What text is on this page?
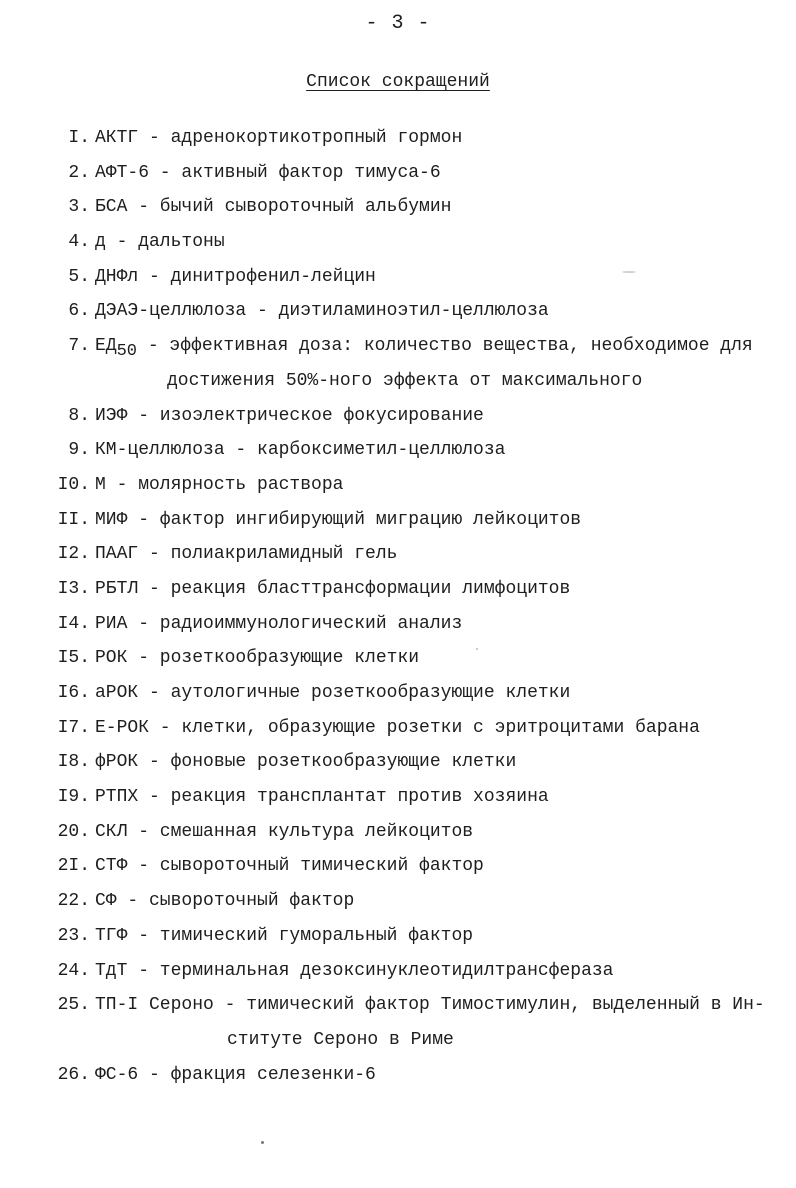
- 3 -
Список сокращений
I. АКТГ - адренокортикотропный гормон
2. АФТ-6 - активный фактор тимуса-6
3. БСА - бычий сывороточный альбумин
4. д - дальтоны
5. ДНФл - динитрофенил-лейцин
6. ДЭАЭ-целлюлоза - диэтиламиноэтил-целлюлоза
7. $ЕД_{50}$ - эффективная доза: количество вещества, необходимое для
достижения 50%-ного эффекта от максимального
8. ИЭФ - изоэлектрическое фокусирование
9. КМ-целлюлоза - карбоксиметил-целлюлоза
I0. М - молярность раствора
II. МИФ - фактор ингибирующий миграцию лейкоцитов
I2. ПААГ - полиакриламидный гель
I3. РБТЛ - реакция бласттрансформации лимфоцитов
I4. РИА - радиоиммунологический анализ
I5. РОК - розеткообразующие клетки
I6. аРОК - аутологичные розеткообразующие клетки
I7. Е-РОК - клетки, образующие розетки с эритроцитами барана
I8. фРОК - фоновые розеткообразующие клетки
I9. РТПХ - реакция трансплантат против хозяина
20. СКЛ - смешанная культура лейкоцитов
2I. СТФ - сывороточный тимический фактор
22. СФ - сывороточный фактор
23. ТГФ - тимический гуморальный фактор
24. ТдТ - терминальная дезоксинуклеотидилтрансфераза
25. ТП-I Сероно - тимический фактор Тимостимулин, выделенный в Ин-
ституте Сероно в Риме
26. ФС-6 - фракция селезенки-6
